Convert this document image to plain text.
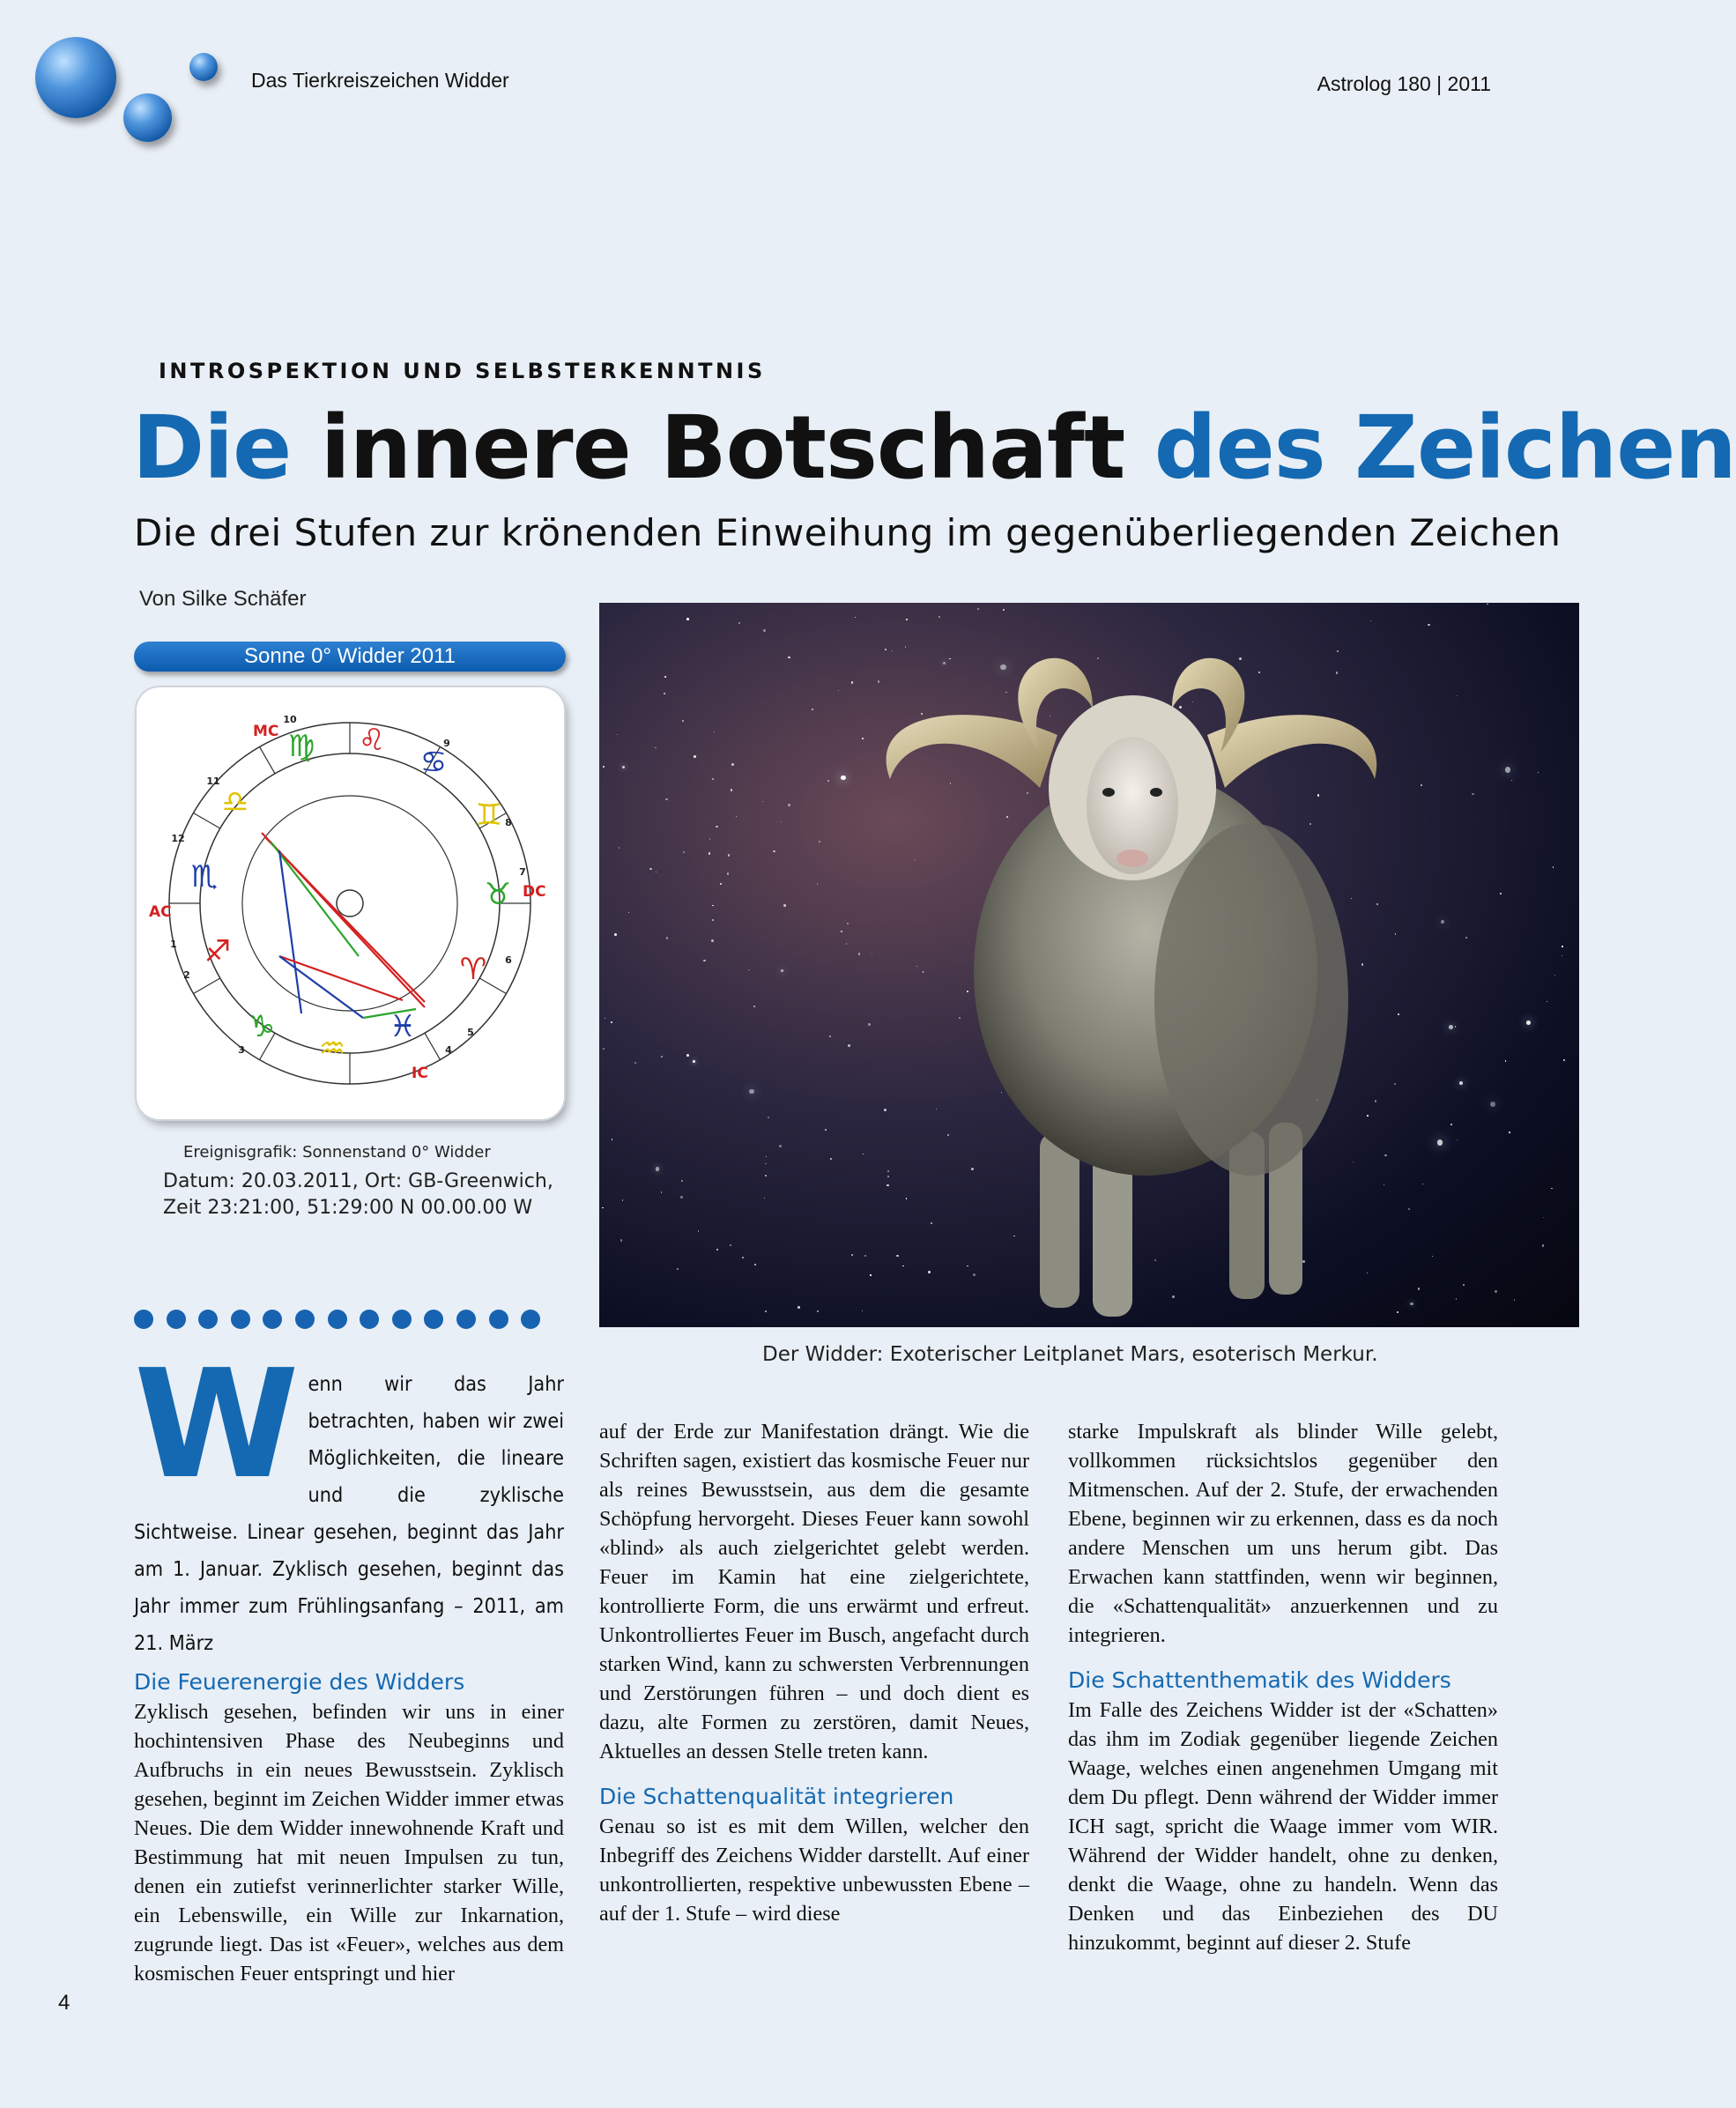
Das Tierkreiszeichen Widder	Astrolog 180 | 2011
INTROSPEKTION UND SELBSTERKENNTNIS
Die innere Botschaft des Zeichen
Die drei Stufen zur krönenden Einweihung im gegenüberliegenden Zeichen
Von Silke Schäfer
Sonne 0° Widder 2011
♍ ♌
♋
♊
♉
♈
♓
♒
♑
♐
♏
♎
MC
AC
DC
IC
9
8
7
6
5
4
3
2
1
12
11
10
Ereignisgrafik: Sonnenstand 0° Widder
Datum: 20.03.2011, Ort: GB-Greenwich,
Zeit 23:21:00, 51:29:00 N 00.00.00 W
Der Widder: Exoterischer Leitplanet Mars, esoterisch Merkur.
Wenn wir das Jahr betrachten, haben wir zwei Möglichkeiten, die lineare und die zyklische Sichtweise. Linear gesehen, beginnt das Jahr am 1. Januar. Zyklisch gesehen, beginnt das Jahr immer zum Frühlingsanfang – 2011, am 21. März
Die Feuerenergie des Widders

Zyklisch gesehen, befinden wir uns in einer hochintensiven Phase des Neubeginns und Aufbruchs in ein neues Bewusstsein. Zyklisch gesehen, beginnt im Zeichen Widder immer etwas Neues. Die dem Widder innewohnende Kraft und Bestimmung hat mit neuen Impulsen zu tun, denen ein zutiefst verinnerlichter starker Wille, ein Lebenswille, ein Wille zur Inkarnation, zugrunde liegt. Das ist «Feuer», welches aus dem kosmischen Feuer entspringt und hier

auf der Erde zur Manifestation drängt. Wie die Schriften sagen, existiert das kosmische Feuer nur als reines Bewusstsein, aus dem die gesamte Schöpfung hervorgeht. Dieses Feuer kann sowohl «blind» als auch zielgerichtet gelebt werden. Feuer im Kamin hat eine zielgerichtete, kontrollierte Form, die uns erwärmt und erfreut. Unkontrolliertes Feuer im Busch, angefacht durch starken Wind, kann zu schwersten Verbrennungen und Zerstörungen führen – und doch dient es dazu, alte Formen zu zerstören, damit Neues, Aktuelles an dessen Stelle treten kann.

Die Schattenqualität integrieren

Genau so ist es mit dem Willen, welcher den Inbegriff des Zeichens Widder darstellt. Auf einer unkontrollierten, respektive unbewussten Ebene – auf der 1. Stufe – wird diese

starke Impulskraft als blinder Wille gelebt, vollkommen rücksichtslos gegenüber den Mitmenschen. Auf der 2. Stufe, der erwachenden Ebene, beginnen wir zu erkennen, dass es da noch andere Menschen um uns herum gibt. Das Erwachen kann stattfinden, wenn wir beginnen, die «Schattenqualität» anzuerkennen und zu integrieren.

Die Schattenthematik des Widders

Im Falle des Zeichens Widder ist der «Schatten» das ihm im Zodiak gegenüber liegende Zeichen Waage, welches einen angenehmen Umgang mit dem Du pflegt. Denn während der Widder immer ICH sagt, spricht die Waage immer vom WIR. Während der Widder handelt, ohne zu denken, denkt die Waage, ohne zu handeln. Wenn das Denken und das Einbeziehen des DU hinzukommt, beginnt auf dieser 2. Stufe

4
